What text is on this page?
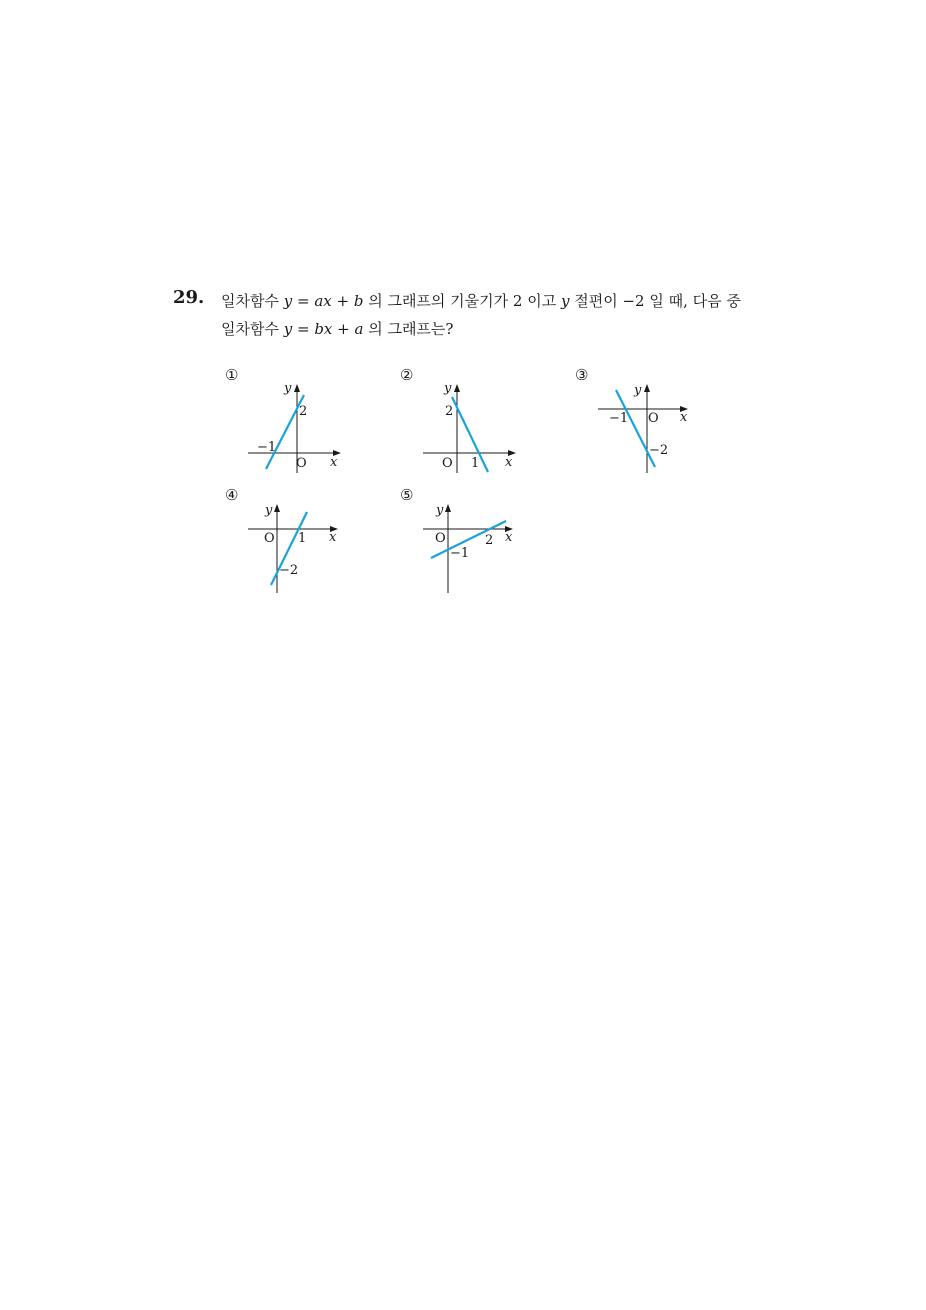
29. 일차함수 y = ax + b 의 그래프의 기울기가 2 이고 y 절편이 −2 일 때, 다음 중
일차함수 y = bx + a 의 그래프는?
①
−1
2
O x
y
②
2
1
O	x
y
③
−1
−2
O x
y
④
1
−2
O	x
y
⑤
2
−1
O	x
y
